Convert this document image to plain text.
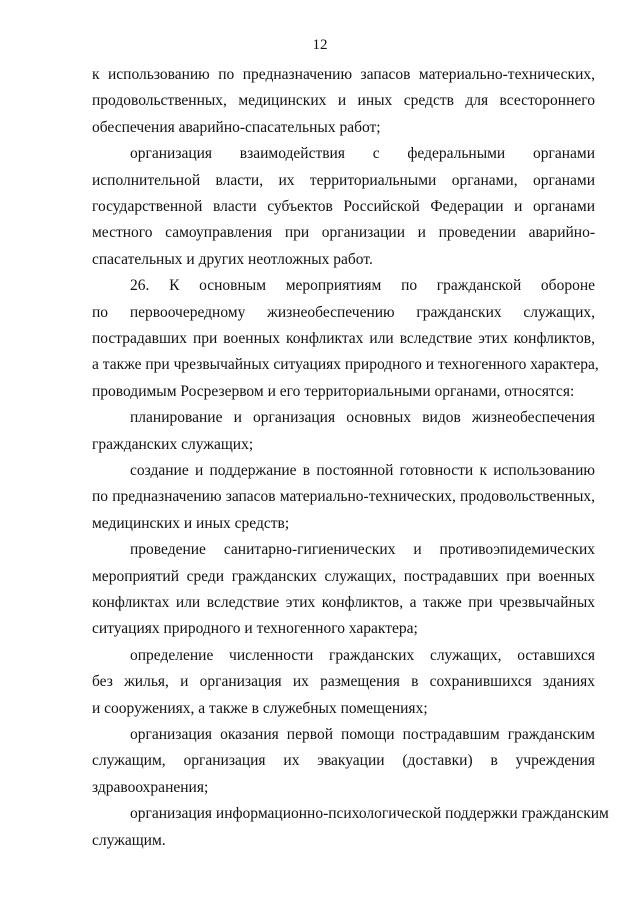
12
к использованию по предназначению запасов материально-технических,
продовольственных, медицинских и иных средств для всестороннего
обеспечения аварийно-спасательных работ;
организация взаимодействия с федеральными органами
исполнительной власти, их территориальными органами, органами
государственной власти субъектов Российской Федерации и органами
местного самоуправления при организации и проведении аварийно-
спасательных и других неотложных работ.
26. К основным мероприятиям по гражданской обороне
по первоочередному жизнеобеспечению гражданских служащих,
пострадавших при военных конфликтах или вследствие этих конфликтов,
а также при чрезвычайных ситуациях природного и техногенного характера,
проводимым Росрезервом и его территориальными органами, относятся:
планирование и организация основных видов жизнеобеспечения
гражданских служащих;
создание и поддержание в постоянной готовности к использованию
по предназначению запасов материально-технических, продовольственных,
медицинских и иных средств;
проведение санитарно-гигиенических и противоэпидемических
мероприятий среди гражданских служащих, пострадавших при военных
конфликтах или вследствие этих конфликтов, а также при чрезвычайных
ситуациях природного и техногенного характера;
определение численности гражданских служащих, оставшихся
без жилья, и организация их размещения в сохранившихся зданиях
и сооружениях, а также в служебных помещениях;
организация оказания первой помощи пострадавшим гражданским
служащим, организация их эвакуации (доставки) в учреждения
здравоохранения;
организация информационно-психологической поддержки гражданским
служащим.
